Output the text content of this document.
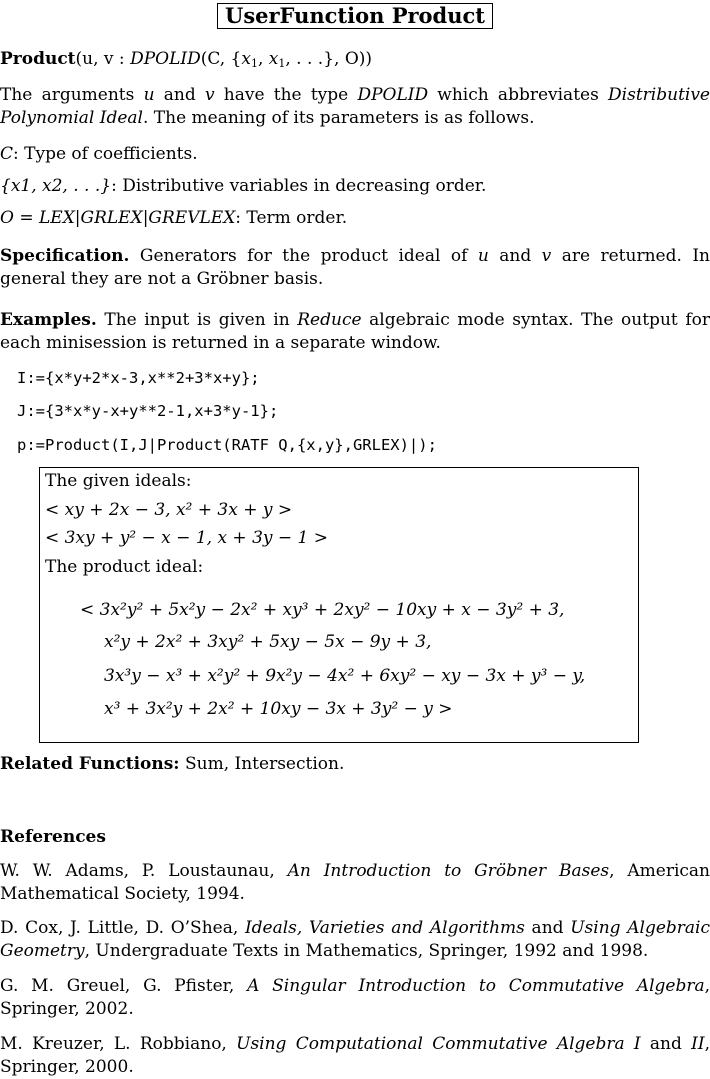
UserFunction Product

Product(u, v : DPOLID(C, {$x_1$, $x_1$, . . .}, O))

The arguments u and v have the type DPOLID which abbreviates Distributive Polynomial Ideal. The meaning of its parameters is as follows.

C: Type of coefficients.

{x1, x2, . . .}: Distributive variables in decreasing order.

O = LEX|GRLEX|GREVLEX: Term order.

Specification. Generators for the product ideal of u and v are returned. In general they are not a Gröbner basis.

Examples. The input is given in Reduce algebraic mode syntax. The output for each minisession is returned in a separate window.

I:={x*y+2*x-3,x**2+3*x+y};
J:={3*x*y-x+y**2-1,x+3*y-1};
p:=Product(I,J|Product(RATF Q,{x,y},GRLEX)|);
The given ideals:
< xy + 2x − 3, x² + 3x + y >
< 3xy + y² − x − 1, x + 3y − 1 >
The product ideal:
< 3x²y² + 5x²y − 2x² + xy³ + 2xy² − 10xy + x − 3y² + 3,
x²y + 2x² + 3xy² + 5xy − 5x − 9y + 3,
3x³y − x³ + x²y² + 9x²y − 4x² + 6xy² − xy − 3x + y³ − y,
x³ + 3x²y + 2x² + 10xy − 3x + 3y² − y >

Related Functions: Sum, Intersection.

References

W. W. Adams, P. Loustaunau, An Introduction to Gröbner Bases, American Mathematical Society, 1994.

D. Cox, J. Little, D. O’Shea, Ideals, Varieties and Algorithms and Using Algebraic Geometry, Undergraduate Texts in Mathematics, Springer, 1992 and 1998.

G. M. Greuel, G. Pfister, A Singular Introduction to Commutative Algebra, Springer, 2002.

M. Kreuzer, L. Robbiano, Using Computational Commutative Algebra I and II, Springer, 2000.
